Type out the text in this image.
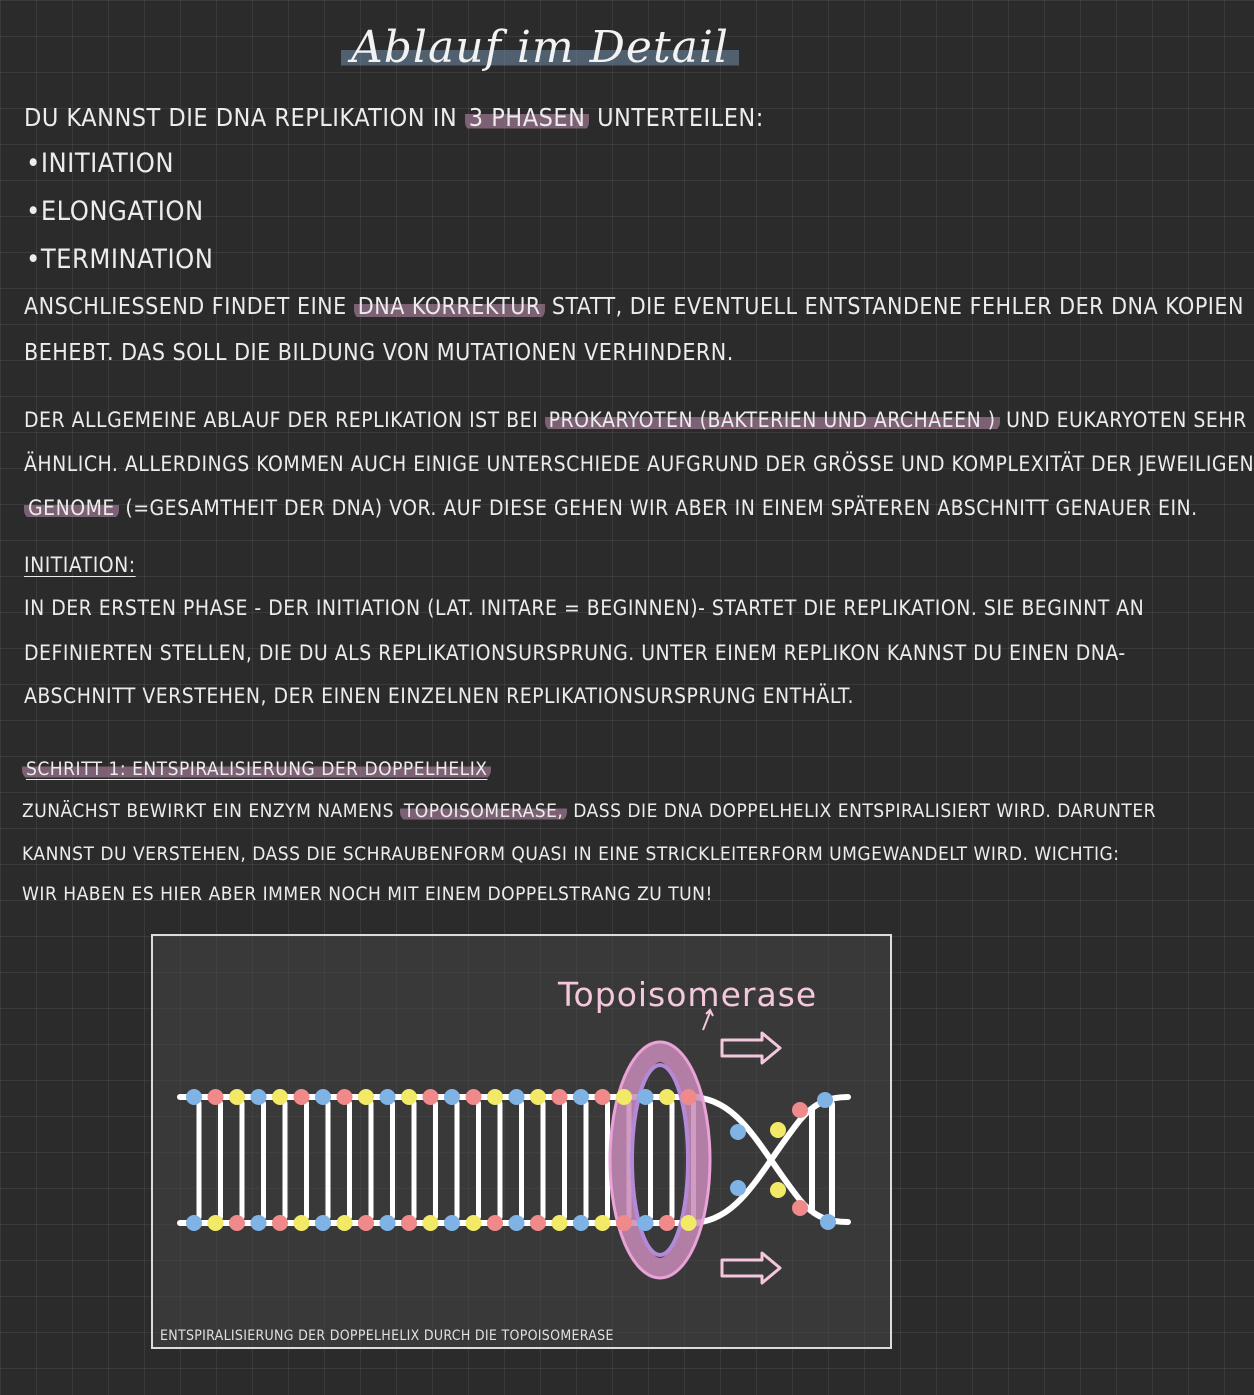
Ablauf im Detail
DU KANNST DIE DNA REPLIKATION IN 3 PHASEN UNTERTEILEN:
•INITIATION
•ELONGATION
•TERMINATION
ANSCHLIESSEND FINDET EINE DNA KORREKTUR STATT, DIE EVENTUELL ENTSTANDENE FEHLER DER DNA KOPIEN
BEHEBT. DAS SOLL DIE BILDUNG VON MUTATIONEN VERHINDERN.
DER ALLGEMEINE ABLAUF DER REPLIKATION IST BEI PROKARYOTEN (BAKTERIEN UND ARCHAEEN ) UND EUKARYOTEN SEHR
ÄHNLICH. ALLERDINGS KOMMEN AUCH EINIGE UNTERSCHIEDE AUFGRUND DER GRÖSSE UND KOMPLEXITÄT DER JEWEILIGEN
GENOME (=GESAMTHEIT DER DNA) VOR. AUF DIESE GEHEN WIR ABER IN EINEM SPÄTEREN ABSCHNITT GENAUER EIN.
INITIATION:
IN DER ERSTEN PHASE - DER INITIATION (LAT. INITARE = BEGINNEN)- STARTET DIE REPLIKATION. SIE BEGINNT AN
DEFINIERTEN STELLEN, DIE DU ALS REPLIKATIONSURSPRUNG. UNTER EINEM REPLIKON KANNST DU EINEN DNA-
ABSCHNITT VERSTEHEN, DER EINEN EINZELNEN REPLIKATIONSURSPRUNG ENTHÄLT.
SCHRITT 1: ENTSPIRALISIERUNG DER DOPPELHELIX
ZUNÄCHST BEWIRKT EIN ENZYM NAMENS TOPOISOMERASE, DASS DIE DNA DOPPELHELIX ENTSPIRALISIERT WIRD. DARUNTER
KANNST DU VERSTEHEN, DASS DIE SCHRAUBENFORM QUASI IN EINE STRICKLEITERFORM UMGEWANDELT WIRD. WICHTIG:
WIR HABEN ES HIER ABER IMMER NOCH MIT EINEM DOPPELSTRANG ZU TUN!
Topoisomerase
ENTSPIRALISIERUNG DER DOPPELHELIX DURCH DIE TOPOISOMERASE
